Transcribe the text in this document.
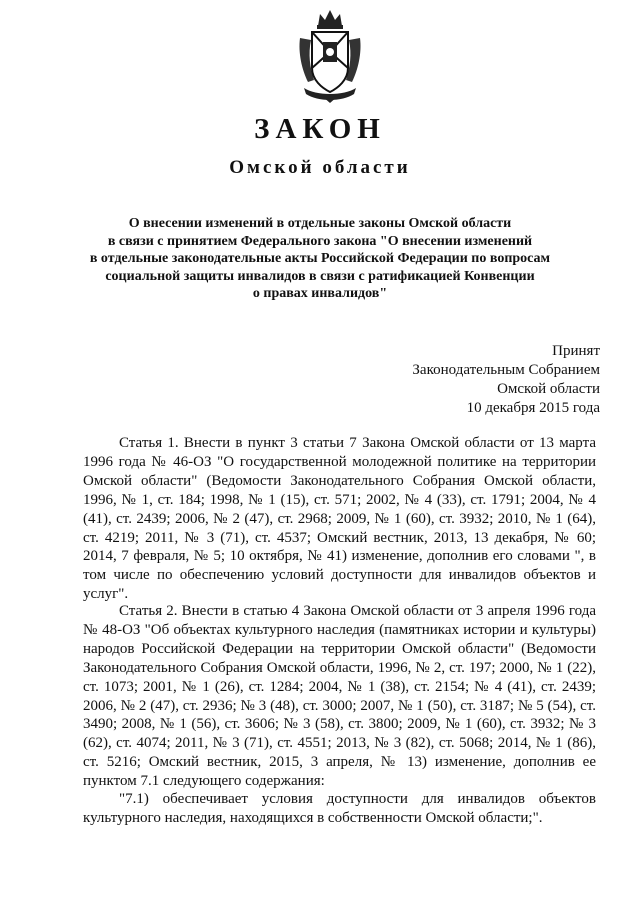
ЗАКОН
Омской области
О внесении изменений в отдельные законы Омской области
в связи с принятием Федерального закона "О внесении изменений
в отдельные законодательные акты Российской Федерации по вопросам
социальной защиты инвалидов в связи с ратификацией Конвенции
о правах инвалидов"
Принят
Законодательным Собранием
Омской области
10 декабря 2015 года

Статья 1. Внести в пункт 3 статьи 7 Закона Омской области от 13 марта 1996 года № 46-ОЗ "О государственной молодежной политике на территории Омской области" (Ведомости Законодательного Собрания Омской области, 1996, № 1, ст. 184; 1998, № 1 (15), ст. 571; 2002, № 4 (33), ст. 1791; 2004, № 4 (41), ст. 2439; 2006, № 2 (47), ст. 2968; 2009, № 1 (60), ст. 3932; 2010, № 1 (64), ст. 4219; 2011, № 3 (71), ст. 4537; Омский вестник, 2013, 13 декабря, № 60; 2014, 7 февраля, № 5; 10 октября, № 41) изменение, дополнив его словами ", в том числе по обеспечению условий доступности для инвалидов объектов и услуг".

Статья 2. Внести в статью 4 Закона Омской области от 3 апреля 1996 года № 48-ОЗ "Об объектах культурного наследия (памятниках истории и культуры) народов Российской Федерации на территории Омской области" (Ведомости Законодательного Собрания Омской области, 1996, № 2, ст. 197; 2000, № 1 (22), ст. 1073; 2001, № 1 (26), ст. 1284; 2004, № 1 (38), ст. 2154; № 4 (41), ст. 2439; 2006, № 2 (47), ст. 2936; № 3 (48), ст. 3000; 2007, № 1 (50), ст. 3187; № 5 (54), ст. 3490; 2008, № 1 (56), ст. 3606; № 3 (58), ст. 3800; 2009, № 1 (60), ст. 3932; № 3 (62), ст. 4074; 2011, № 3 (71), ст. 4551; 2013, № 3 (82), ст. 5068; 2014, № 1 (86), ст. 5216; Омский вестник, 2015, 3 апреля, № 13) изменение, дополнив ее пунктом 7.1 следующего содержания:

"7.1) обеспечивает условия доступности для инвалидов объектов культурного наследия, находящихся в собственности Омской области;".
